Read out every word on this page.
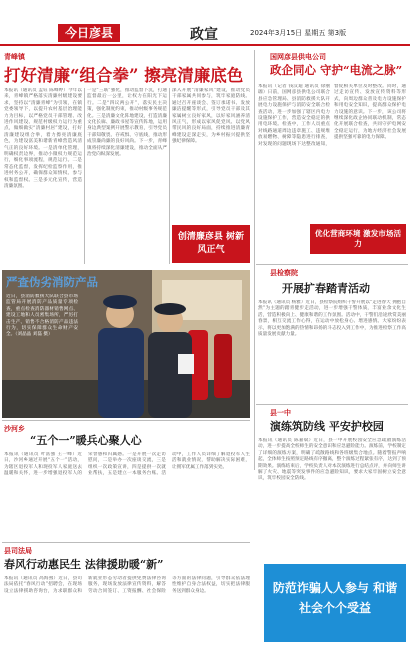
今日彦县	政宣	2024年3月15日 星期五 第3版
青峰镇
打好清廉“组合拳” 擦亮清廉底色
本报讯（通讯员 孟钰 陈峰婷）今年以来，青峰镇严格落实清廉村级建设要求，坚持以“清廉青峰”为引领，在镇党委领导下，以提升农村基层治理能力为目标，以严格党员干部管理、改进作风建设、规范村级权力运行为重点，做细做实“清廉村居”建设，打好清廉建设组合拳，着力擦亮清廉底色，为建设富美和谐新青峰营造风清气正的良好环境。一是清单化管理，明确权责边界，推动小微权力规范运行，细化事项流程，规范运行。二是常态化监督，发挥纪检监察作用，推进村务公开，确保群众知情权、参与权和监督权。三是多元化宣传，营造清廉氛围。
一是“三联”强化，推动监督下沉，打通监督最后一公里，让权力在阳光下运行。二是“四议两公开”，落实民主决策，强化制度约束，推动村级事务规范化。三是清廉文化阵地建设，打造清廉文化长廊、廉政书屋等宣传阵地，运用身边典型案例开展警示教育，引导党员干部知敬畏、存戒惧、守底线，推动形成崇廉尚廉的良好风尚。下一步，青峰镇将持续深化清廉建设，推动全面从严治党向纵深发展。
深入开展“清廉家风”建设，推动党员干部家属共同参与，筑牢家庭防线。通过召开座谈会、签订承诺书、发放廉洁提醒等形式，引导党员干部及其家属树立良好家风，以好家风涵养清风正气，形成以家风促党风、以党风带民风的良好局面，持续推进清廉青峰建设走深走实，为乡村振兴提供坚强纪律保障。
创清廉彦县 树新风正气
严查伪劣消防产品
近日，县消防救援大队联合县市场监管局开展消防产品质量专项检查，重点检查消防器材销售网点、建设工地和人员密集场所，严厉打击生产、销售不合格消防产品违法行为，切实保障群众生命财产安全。（刘晶晶 刘磊 摄）
沙河乡
“五个一”暖兵心聚人心
本报讯（通讯员 叶富强 王一峰）近日，沙河乡通过开展“五个一”活动，为辖区退役军人和现役军人家庭送去温暖和关怀，进一步增强退役军人的荣誉感和归属感。一是开展一次走访慰问，二是举办一次座谈交流，三是组织一次政策宣讲，四是提供一次就业帮扶，五是建立一本服务台账。活动中，工作人员详细了解退役军人生活和就业情况，帮助解决实际困难，让拥军优属工作落到实处。
县司法局
春风行动惠民生 法律援助暖“新”
本报讯（通讯员 高海燕）近日，县司法局依托“春风行动”招聘会，在现场设立法律援助咨询台，为求职群众和新就业形态劳动者提供免费法律咨询服务，现场发放法律宣传资料，解答劳动合同签订、工资报酬、社会保险等方面的法律问题，引导群众依法理性维护自身合法权益，切实把法律服务送到群众身边。
国网彦县供电公司
政企同心 守护“电流之脉”
本报讯（记者 钱汉迪 通讯员 徐丽珈）日前，国网彦县供电公司联合县应急管理局、县消防救援大队开展电力设施保护与消防安全联合检查活动，进一步加强了辖区内电力设施保护工作，营造安全稳定的供用电环境。检查中，工作人员重点对线路通道周边违章施工、违规堆放易燃物、树障等隐患进行排查，对发现的问题现场下达整改通知，督促相关单位及时整改。同时，通过走访宣传、发放宣传资料等形式，向周边群众普及电力设施保护和用电安全知识，提高群众保护电力设施的意识。下一步，该公司将继续深化政企协同联动机制，常态化开展联合检查，共同守护电网安全稳定运行，为地方经济社会发展提供坚强可靠的电力保障。
优化营商环境 激发市场活力
县检察院
开展扩春踏青活动
本报讯（通讯员 杨雅）近日，县检察院组织干警开展以“走进春天 拥抱自然”为主题的踏青健步走活动，进一步增强干警体质，丰富业余文化生活，营造积极向上、健康和谐的工作氛围。活动中，干警们沿途欣赏美丽春景，相互交流工作心得，在运动中放松身心、增进感情。大家纷纷表示，将以更加饱满的热情和昂扬的斗志投入到工作中，为推进检察工作高质量发展贡献力量。
县一中
演练筑防线 平安护校园
本报讯（通讯员 陈嘉斌）近日，县一中开展校园安全应急疏散演练活动，进一步提高全校师生的安全意识和应急避险能力。演练前，学校制定了详细的演练方案，明确了疏散路线和各班级集合地点。随着警报声响起，全体师生按照预定路线有序撤离，整个演练过程紧张有序，达到了预期效果。演练结束后，学校负责人对本次演练进行总结点评，并向师生讲解了火灾、地震等突发事件的应急避险知识，要求大家牢固树立安全意识，筑牢校园安全防线。
防范诈骗人人参与 和谐社会个个受益
